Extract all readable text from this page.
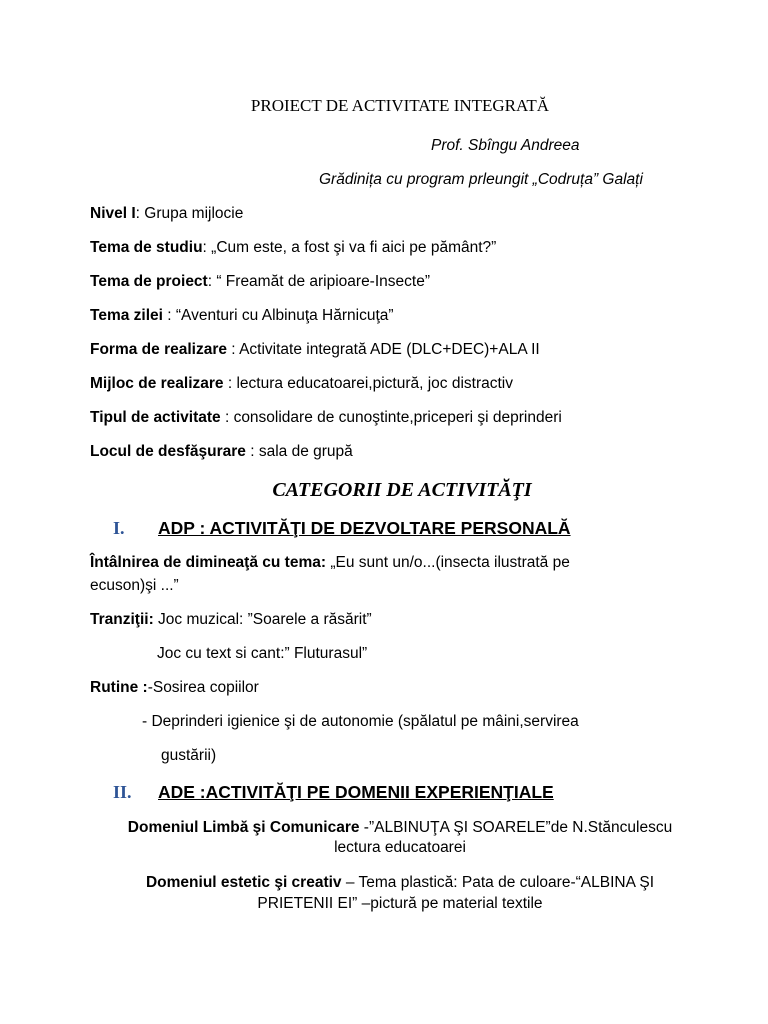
PROIECT DE ACTIVITATE INTEGRATĂ
Prof. Sbîngu Andreea
Grădinița cu program prleungit „Codruța” Galați
Nivel I: Grupa mijlocie
Tema de studiu: „Cum este, a fost şi va fi aici pe pământ?”
Tema de proiect: “ Freamăt de aripioare-Insecte”
Tema zilei : “Aventuri cu Albinuţa Hărnicuţa”
Forma de realizare : Activitate integrată ADE (DLC+DEC)+ALA II
Mijloc de realizare : lectura educatoarei,pictură, joc distractiv
Tipul de activitate : consolidare de cunoştinte,priceperi şi deprinderi
Locul de desfăşurare : sala de grupă
CATEGORII DE ACTIVITĂŢI
I. ADP : ACTIVITĂŢI DE DEZVOLTARE PERSONALĂ
Întâlnirea de dimineaţă cu tema: „Eu sunt un/o...(insecta ilustrată pe
ecuson)şi ...”
Tranziţii: Joc muzical: ”Soarele a răsărit”
Joc cu text si cant:” Fluturasul”
Rutine :-Sosirea copiilor
- Deprinderi igienice şi de autonomie (spălatul pe mâini,servirea
gustării)
II. ADE :ACTIVITĂŢI PE DOMENII EXPERIENŢIALE
Domeniul Limbă şi Comunicare -”ALBINUŢA ŞI SOARELE”de N.Stănculescu
lectura educatoarei
Domeniul estetic şi creativ – Tema plastică: Pata de culoare-“ALBINA ŞI
PRIETENII EI” –pictură pe material textile
